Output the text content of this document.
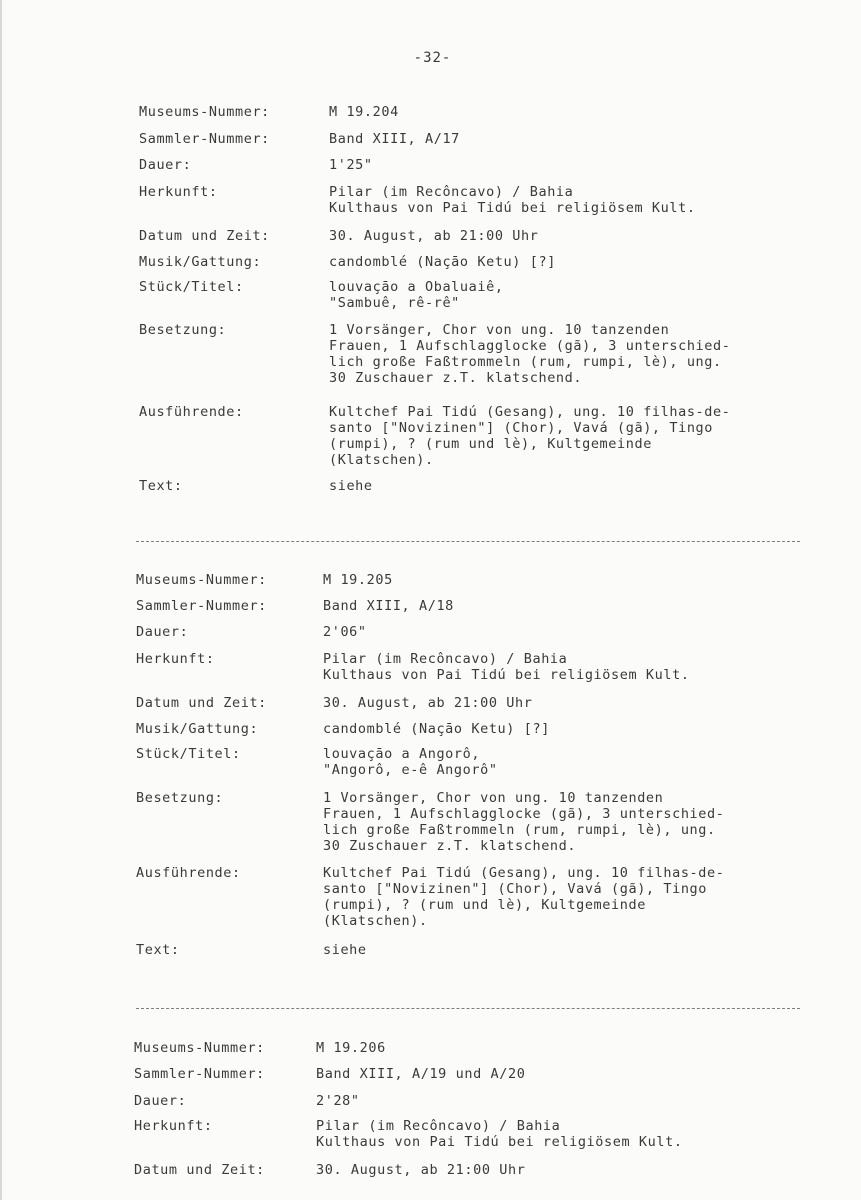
-32-
Museums-Nummer:	M 19.204
Sammler-Nummer:	Band XIII, A/17
Dauer:	1'25"
Herkunft:	Pilar (im Recôncavo) / Bahia
Kulthaus von Pai Tidú bei religiösem Kult.
Datum und Zeit:	30. August, ab 21:00 Uhr
Musik/Gattung:	candomblé (Naçāo Ketu) [?]
Stück/Titel:	louvaçāo a Obaluaiê,
"Sambuê, rê-rê"
Besetzung:	1 Vorsänger, Chor von ung. 10 tanzenden
Frauen, 1 Aufschlagglocke (gã), 3 unterschied-
lich große Faßtrommeln (rum, rumpi, lè), ung.
30 Zuschauer z.T. klatschend.
Ausführende:	Kultchef Pai Tidú (Gesang), ung. 10 filhas-de-
santo ["Novizinen"] (Chor), Vavá (gã), Tingo
(rumpi), ? (rum und lè), Kultgemeinde
(Klatschen).
Text:	siehe
Museums-Nummer:	M 19.205
Sammler-Nummer:	Band XIII, A/18
Dauer:	2'06"
Herkunft:	Pilar (im Recôncavo) / Bahia
Kulthaus von Pai Tidú bei religiösem Kult.
Datum und Zeit:	30. August, ab 21:00 Uhr
Musik/Gattung:	candomblé (Naçāo Ketu) [?]
Stück/Titel:	louvaçāo a Angorô,
"Angorô, e-ê Angorô"
Besetzung:	1 Vorsänger, Chor von ung. 10 tanzenden
Frauen, 1 Aufschlagglocke (gã), 3 unterschied-
lich große Faßtrommeln (rum, rumpi, lè), ung.
30 Zuschauer z.T. klatschend.
Ausführende:	Kultchef Pai Tidú (Gesang), ung. 10 filhas-de-
santo ["Novizinen"] (Chor), Vavá (gã), Tingo
(rumpi), ? (rum und lè), Kultgemeinde
(Klatschen).
Text:	siehe
Museums-Nummer:	M 19.206
Sammler-Nummer:	Band XIII, A/19 und A/20
Dauer:	2'28"
Herkunft:	Pilar (im Recôncavo) / Bahia
Kulthaus von Pai Tidú bei religiösem Kult.
Datum und Zeit:	30. August, ab 21:00 Uhr
